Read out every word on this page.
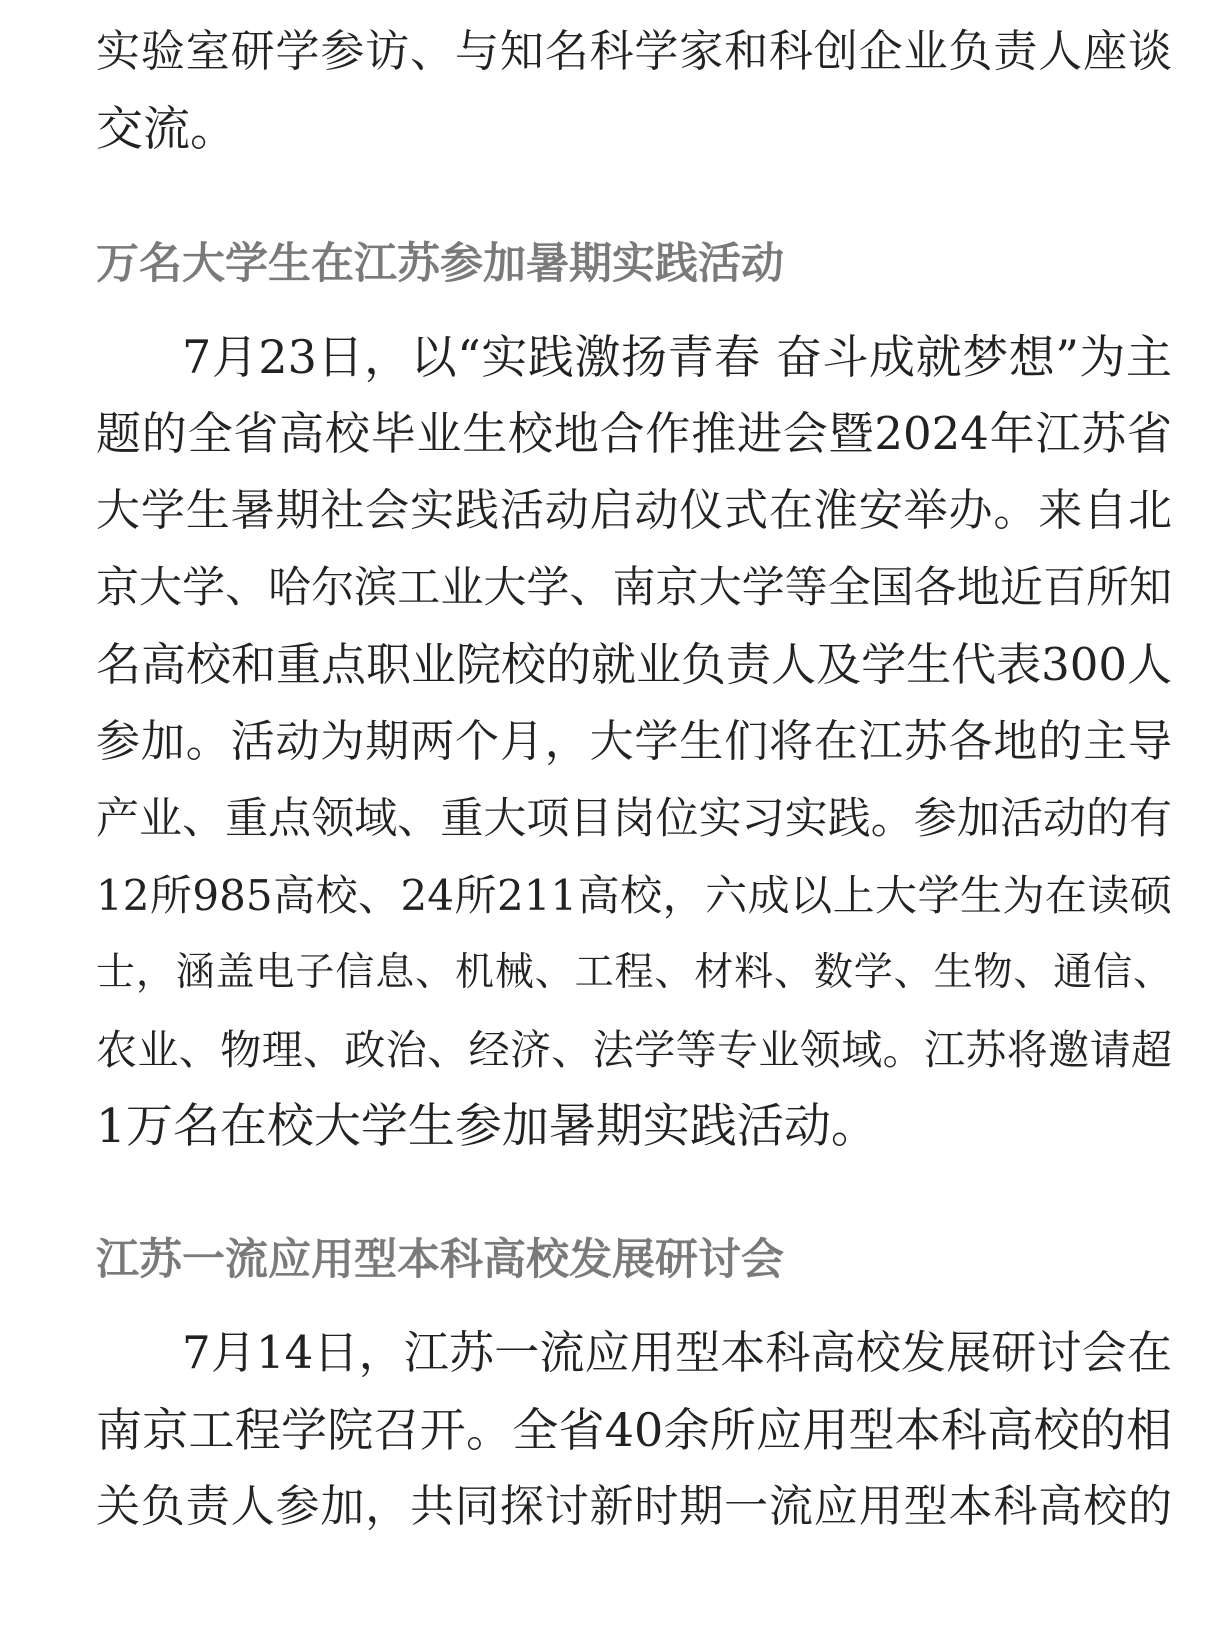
实验室研学参访、与知名科学家和科创企业负责人座谈
交流。
万名大学生在江苏参加暑期实践活动
7月23日，以“实践激扬青春 奋斗成就梦想”为主
题的全省高校毕业生校地合作推进会暨2024年江苏省
大学生暑期社会实践活动启动仪式在淮安举办。来自北
京大学、哈尔滨工业大学、南京大学等全国各地近百所知
名高校和重点职业院校的就业负责人及学生代表300人
参加。活动为期两个月，大学生们将在江苏各地的主导
产业、重点领域、重大项目岗位实习实践。参加活动的有
12所985高校、24所211高校，六成以上大学生为在读硕
士，涵盖电子信息、机械、工程、材料、数学、生物、通信、
农业、物理、政治、经济、法学等专业领域。江苏将邀请超
1万名在校大学生参加暑期实践活动。
江苏一流应用型本科高校发展研讨会
7月14日，江苏一流应用型本科高校发展研讨会在
南京工程学院召开。全省40余所应用型本科高校的相
关负责人参加，共同探讨新时期一流应用型本科高校的
